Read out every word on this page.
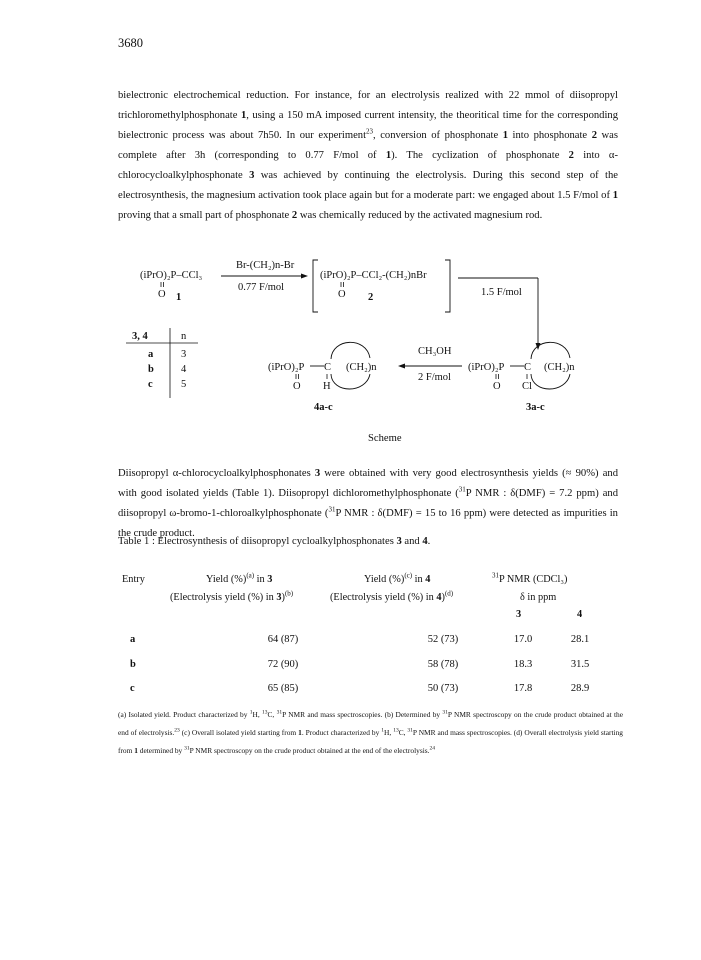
3680
bielectronic electrochemical reduction. For instance, for an electrolysis realized with 22 mmol of diisopropyl trichloromethylphosphonate 1, using a 150 mA imposed current intensity, the theoritical time for the corresponding bielectronic process was about 7h50. In our experiment$^{23}$, conversion of phosphonate 1 into phosphonate 2 was complete after 3h (corresponding to 0.77 F/mol of 1). The cyclization of phosphonate 2 into α-chlorocycloalkylphosphonate 3 was achieved by continuing the electrolysis. During this second step of the electrosynthesis, the magnesium activation took place again but for a moderate part: we engaged about 1.5 F/mol of 1 proving that a small part of phosphonate 2 was chemically reduced by the activated magnesium rod.
(iPrO)₂P–CCl₃
O 1
Br-(CH₂)n-Br
0.77 F/mol
(iPrO)₂P–CCl₂-(CH₂)nBr
O 2	1.5 F/mol
3, 4	n
a	3
b	4
c	5
(iPrO)₂P C (CH₂)n
O H
4a-c
CH₃OH
2 F/mol
(iPrO)₂P C (CH₂)n
O Cl
3a-c
Scheme
Diisopropyl α-chlorocycloalkylphosphonates 3 were obtained with very good electrosynthesis yields (≈ 90%) and with good isolated yields (Table 1). Diisopropyl dichloromethylphosphonate ($^{31}$P NMR : δ(DMF) = 7.2 ppm) and diisopropyl ω-bromo-1-chloroalkylphosphonate ($^{31}$P NMR : δ(DMF) = 15 to 16 ppm) were detected as impurities in the crude product.
Table 1 : Electrosynthesis of diisopropyl cycloalkylphosphonates 3 and 4.
Entry	Yield (%)$^{(a)}$ in 3
(Electrolysis yield (%) in 3)$^{(b)}$
Yield (%)$^{(c)}$ in 4
(Electrolysis yield (%) in 4)$^{(d)}$
$^{31}$P NMR (CDCl₃)
δ in ppm
3	4
a	64 (87)	52 (73)	17.0	28.1
b	72 (90)	58 (78)	18.3	31.5
c	65 (85)	50 (73)	17.8	28.9
(a) Isolated yield. Product characterized by $^1$H, $^{13}$C, $^{31}$P NMR and mass spectroscopies. (b) Determined by $^{31}$P NMR spectroscopy on the crude product obtained at the end of electrolysis.$^{23}$ (c) Overall isolated yield starting from 1. Product characterized by $^1$H, $^{13}$C, $^{31}$P NMR and mass spectroscopies. (d) Overall electrolysis yield starting from 1 determined by $^{31}$P NMR spectroscopy on the crude product obtained at the end of the electrolysis.$^{24}$
